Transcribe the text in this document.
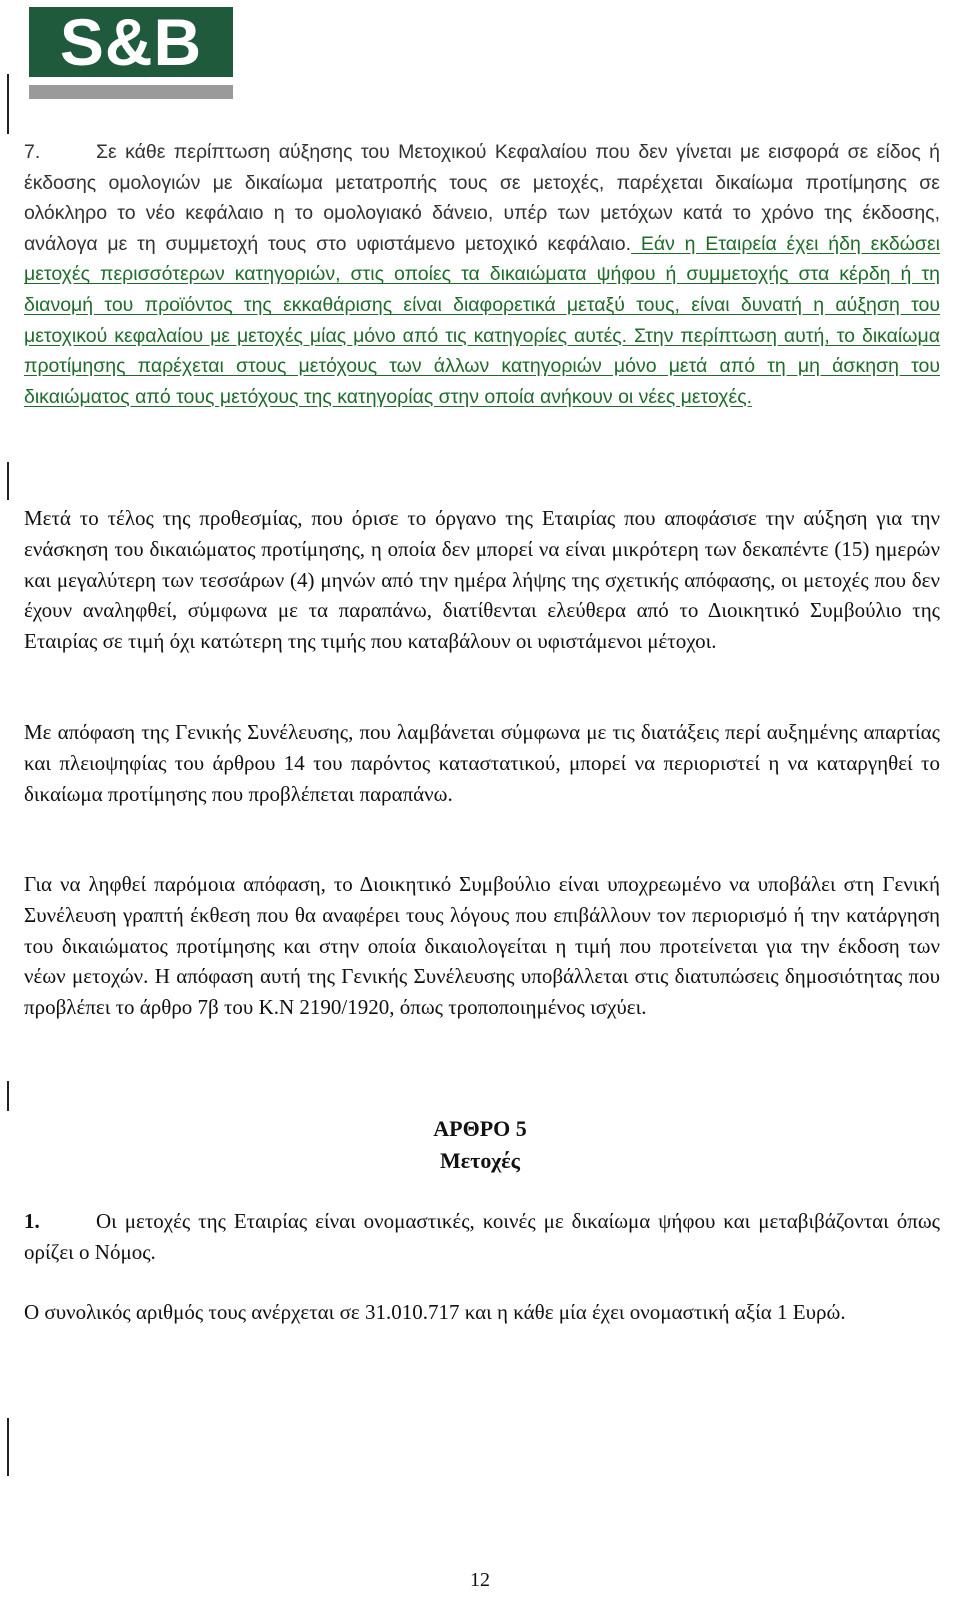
S&B

7.	Σε κάθε περίπτωση αύξησης του Μετοχικού Κεφαλαίου που δεν γίνεται με εισφορά σε είδος ή έκδοσης ομολογιών με δικαίωμα μετατροπής τους σε μετοχές, παρέχεται δικαίωμα προτίμησης σε ολόκληρο το νέο κεφάλαιο η το ομολογιακό δάνειο, υπέρ των μετόχων κατά το χρόνο της έκδοσης, ανάλογα με τη συμμετοχή τους στο υφιστάμενο μετοχικό κεφάλαιο. Εάν η Εταιρεία έχει ήδη εκδώσει μετοχές περισσότερων κατηγοριών, στις οποίες τα δικαιώματα ψήφου ή συμμετοχής στα κέρδη ή τη διανομή του προϊόντος της εκκαθάρισης είναι διαφορετικά μεταξύ τους, είναι δυνατή η αύξηση του μετοχικού κεφαλαίου με μετοχές μίας μόνο από τις κατηγορίες αυτές. Στην περίπτωση αυτή, το δικαίωμα προτίμησης παρέχεται στους μετόχους των άλλων κατηγοριών μόνο μετά από τη μη άσκηση του δικαιώματος από τους μετόχους της κατηγορίας στην οποία ανήκουν οι νέες μετοχές.

Μετά το τέλος της προθεσμίας, που όρισε το όργανο της Εταιρίας που αποφάσισε την αύξηση για την ενάσκηση του δικαιώματος προτίμησης, η οποία δεν μπορεί να είναι μικρότερη των δεκαπέντε (15) ημερών και μεγαλύτερη των τεσσάρων (4) μηνών από την ημέρα λήψης της σχετικής απόφασης, οι μετοχές που δεν έχουν αναληφθεί, σύμφωνα με τα παραπάνω, διατίθενται ελεύθερα από το Διοικητικό Συμβούλιο της Εταιρίας σε τιμή όχι κατώτερη της τιμής που καταβάλουν οι υφιστάμενοι μέτοχοι.

Με απόφαση της Γενικής Συνέλευσης, που λαμβάνεται σύμφωνα με τις διατάξεις περί αυξημένης απαρτίας και πλειοψηφίας του άρθρου 14 του παρόντος καταστατικού, μπορεί να περιοριστεί η να καταργηθεί το δικαίωμα προτίμησης που προβλέπεται παραπάνω.

Για να ληφθεί παρόμοια απόφαση, το Διοικητικό Συμβούλιο είναι υποχρεωμένο να υποβάλει στη Γενική Συνέλευση γραπτή έκθεση που θα αναφέρει τους λόγους που επιβάλλουν τον περιορισμό ή την κατάργηση του δικαιώματος προτίμησης και στην οποία δικαιολογείται η τιμή που προτείνεται για την έκδοση των νέων μετοχών. Η απόφαση αυτή της Γενικής Συνέλευσης υποβάλλεται στις διατυπώσεις δημοσιότητας που προβλέπει το άρθρο 7β του Κ.Ν 2190/1920, όπως τροποποιημένος ισχύει.

ΑΡΘΡΟ 5

Μετοχές

1.	Οι μετοχές της Εταιρίας είναι ονομαστικές, κοινές με δικαίωμα ψήφου και μεταβιβάζονται όπως ορίζει ο Νόμος.

Ο συνολικός αριθμός τους ανέρχεται σε 31.010.717 και η κάθε μία έχει ονομαστική αξία 1 Ευρώ.

12
